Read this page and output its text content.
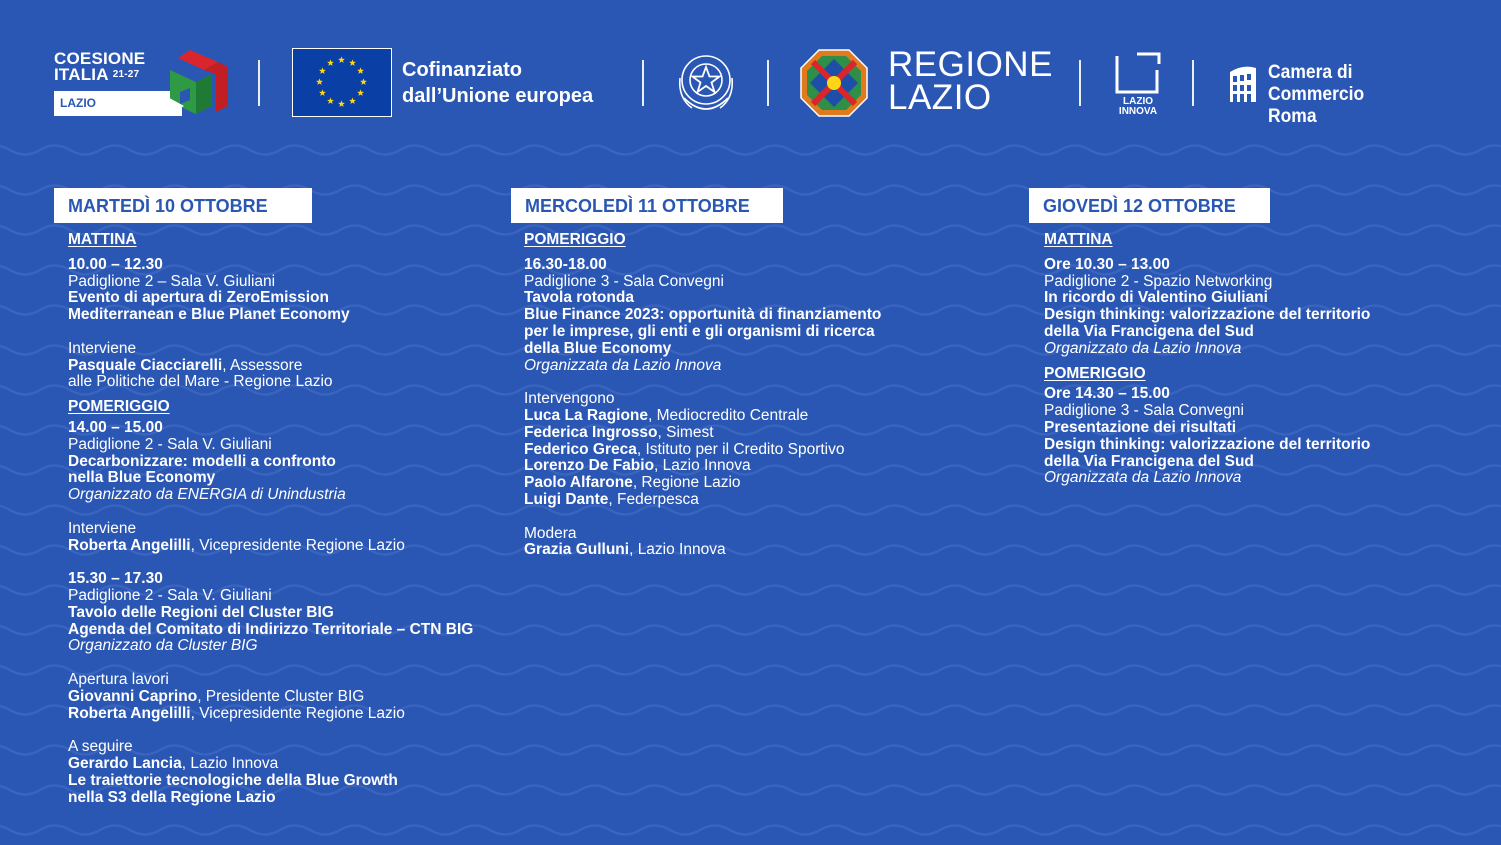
COESIONE
ITALIA $^{21-27}$
LAZIO
Cofinanziato
dall’Unione europea
REGIONE
LAZIO	LAZIO
INNOVA
Camera di Commercio
Roma
MARTEDÌ 10 OTTOBRE	MERCOLEDÌ 11 OTTOBRE	GIOVEDÌ 12 OTTOBRE
MATTINA
10.00 – 12.30
Padiglione 2 – Sala V. Giuliani
Evento di apertura di ZeroEmission
Mediterranean e Blue Planet Economy
Interviene
Pasquale Ciacciarelli, Assessore
alle Politiche del Mare - Regione Lazio
POMERIGGIO
14.00 – 15.00
Padiglione 2 - Sala V. Giuliani
Decarbonizzare: modelli a confronto
nella Blue Economy
Organizzato da ENERGIA di Unindustria
Interviene
Roberta Angelilli, Vicepresidente Regione Lazio
15.30 – 17.30
Padiglione 2 - Sala V. Giuliani
Tavolo delle Regioni del Cluster BIG
Agenda del Comitato di Indirizzo Territoriale – CTN BIG
Organizzato da Cluster BIG
Apertura lavori
Giovanni Caprino, Presidente Cluster BIG
Roberta Angelilli, Vicepresidente Regione Lazio
A seguire
Gerardo Lancia, Lazio Innova
Le traiettorie tecnologiche della Blue Growth
nella S3 della Regione Lazio
POMERIGGIO
16.30-18.00
Padiglione 3 - Sala Convegni
Tavola rotonda
Blue Finance 2023: opportunità di finanziamento
per le imprese, gli enti e gli organismi di ricerca
della Blue Economy
Organizzata da Lazio Innova
Intervengono
Luca La Ragione, Mediocredito Centrale
Federica Ingrosso, Simest
Federico Greca, Istituto per il Credito Sportivo
Lorenzo De Fabio, Lazio Innova
Paolo Alfarone, Regione Lazio
Luigi Dante, Federpesca
Modera
Grazia Gulluni, Lazio Innova
MATTINA
Ore 10.30 – 13.00
Padiglione 2 - Spazio Networking
In ricordo di Valentino Giuliani
Design thinking: valorizzazione del territorio
della Via Francigena del Sud
Organizzato da Lazio Innova
POMERIGGIO
Ore 14.30 – 15.00
Padiglione 3 - Sala Convegni
Presentazione dei risultati
Design thinking: valorizzazione del territorio
della Via Francigena del Sud
Organizzata da Lazio Innova
